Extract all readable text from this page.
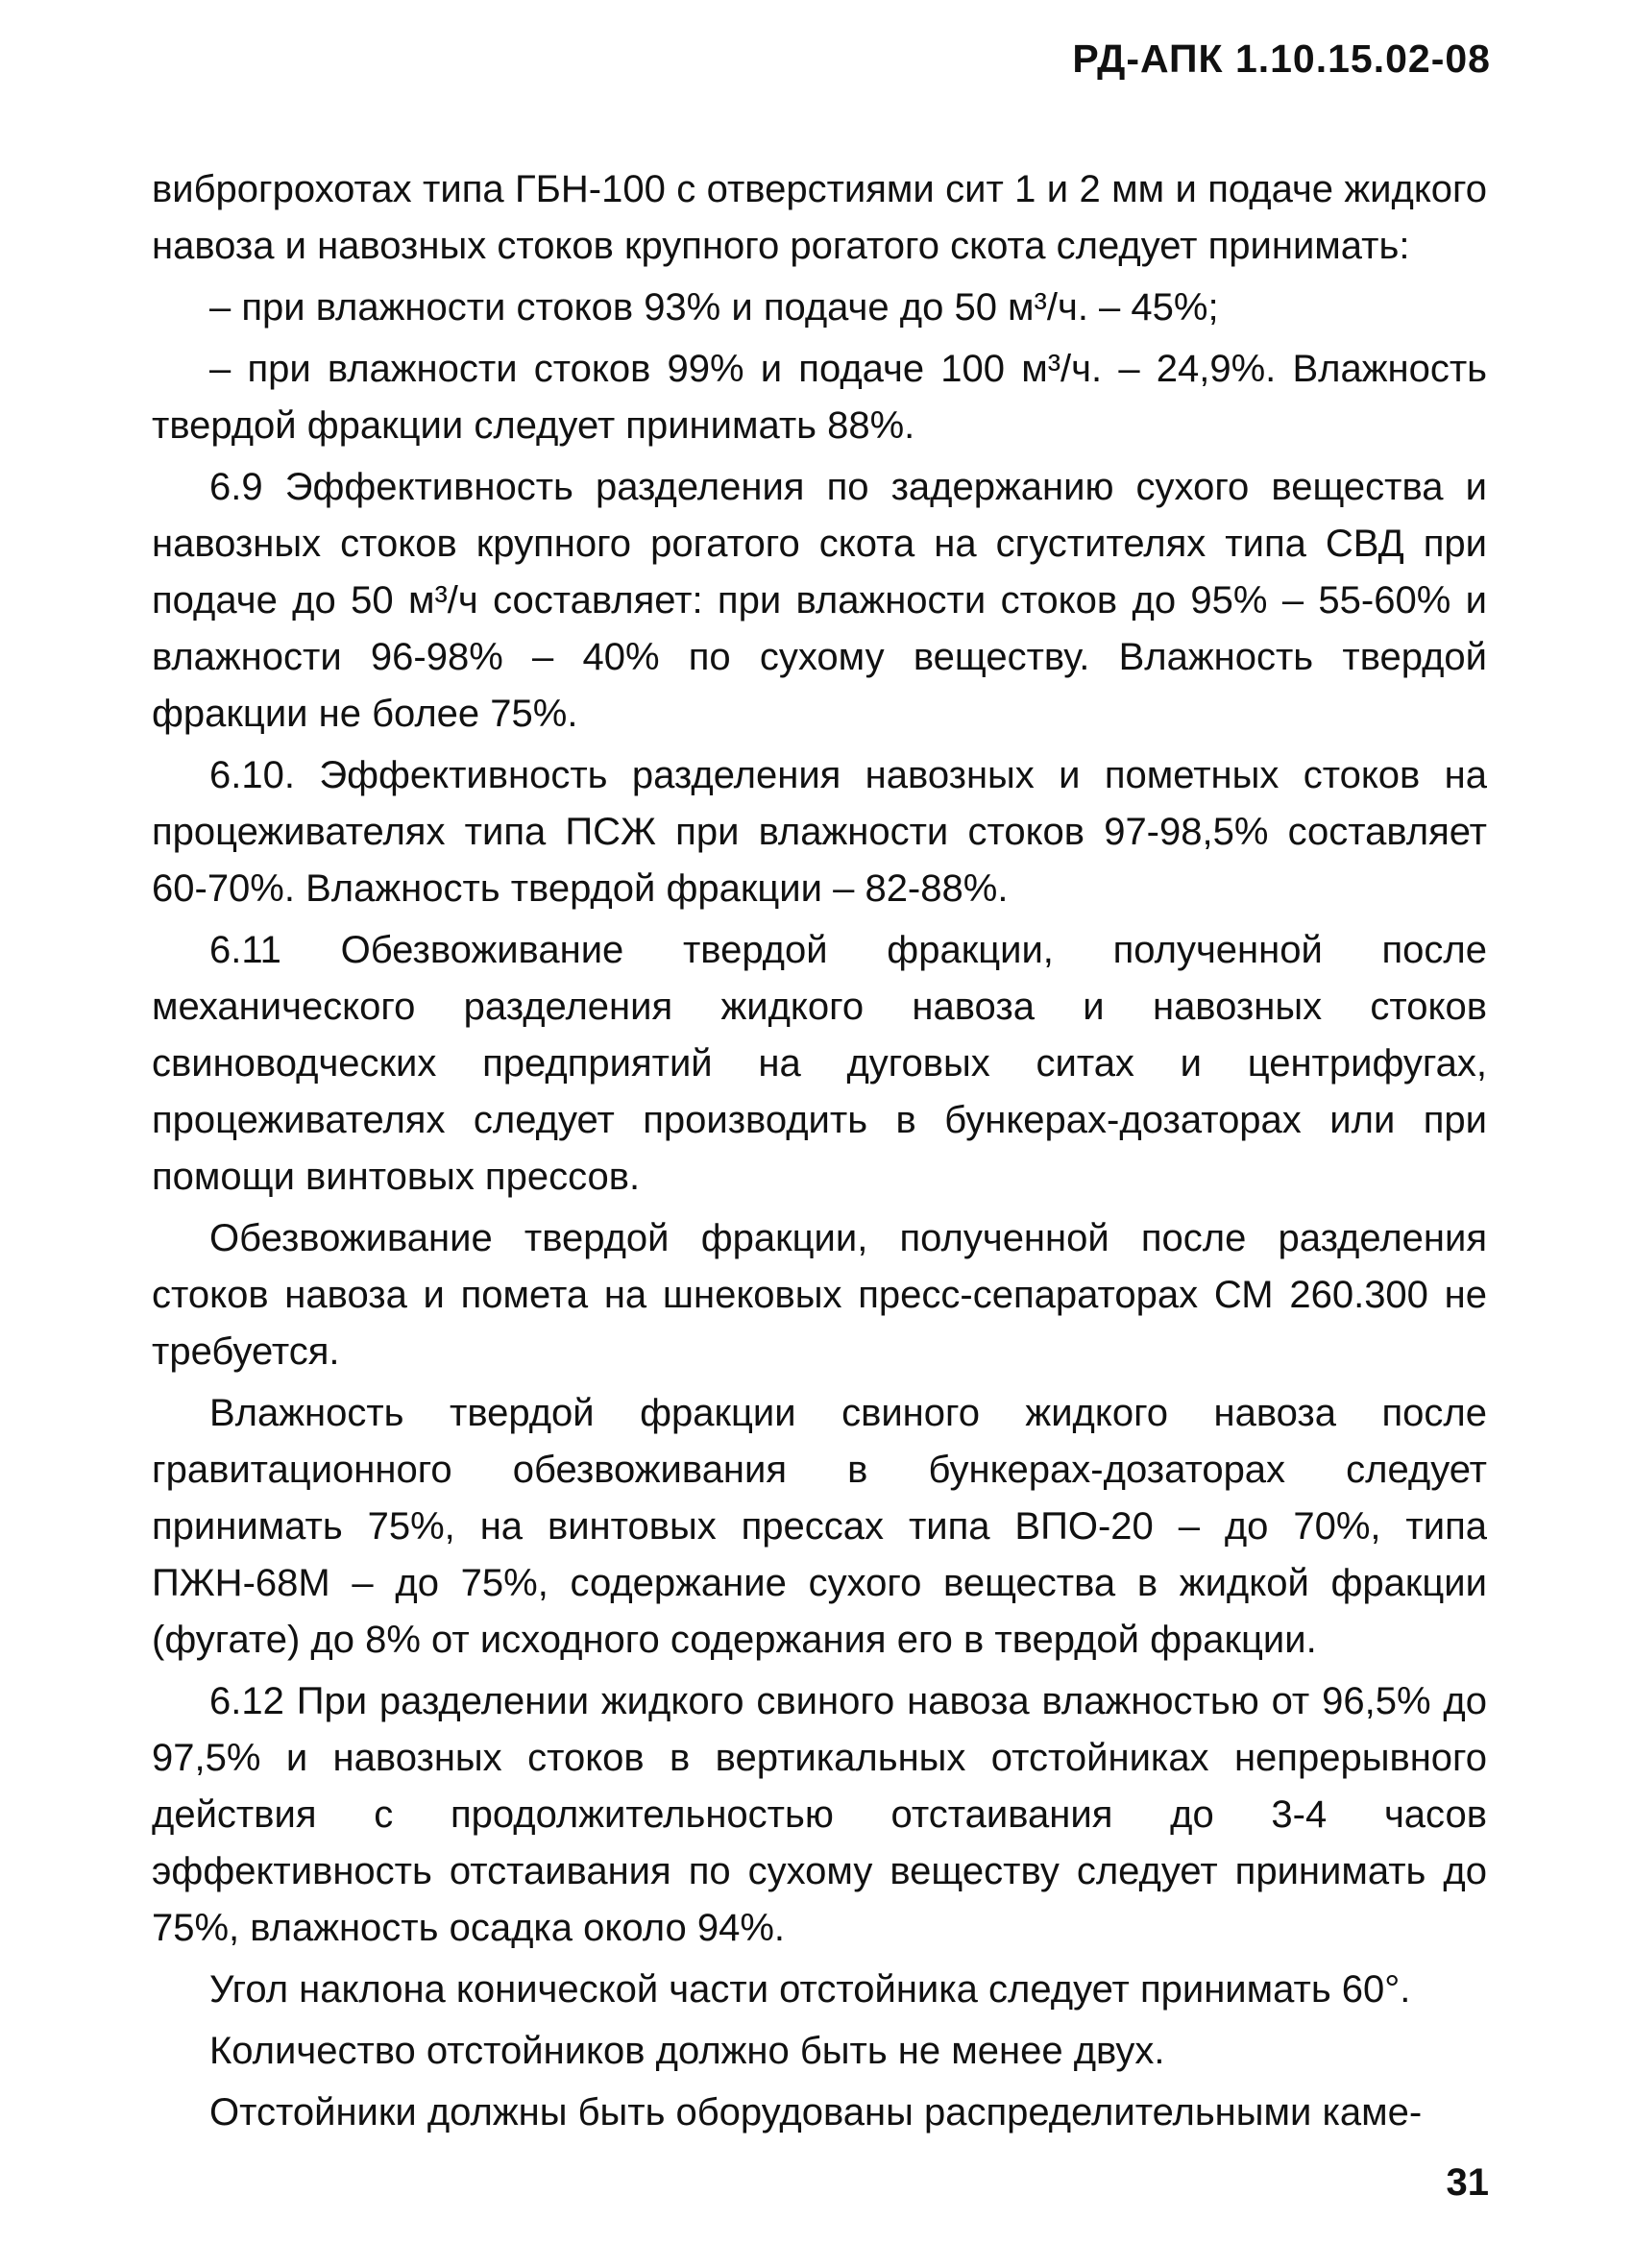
РД-АПК 1.10.15.02-08

виброгрохотах типа ГБН-100 с отверстиями сит 1 и 2 мм и подаче жидкого навоза и навозных стоков крупного рогатого скота следует принимать:

– при влажности стоков 93% и подаче до 50 м³/ч. – 45%;

– при влажности стоков 99% и подаче 100 м³/ч. – 24,9%. Влажность твердой фракции следует принимать 88%.

6.9 Эффективность разделения по задержанию сухого вещества и навозных стоков крупного рогатого скота на сгустителях типа СВД при подаче до 50 м³/ч составляет: при влажности стоков до 95% – 55-60% и влажности 96-98% – 40% по сухому веществу. Влажность твердой фракции не более 75%.

6.10. Эффективность разделения навозных и пометных стоков на процеживателях типа ПСЖ при влажности стоков 97-98,5% составляет 60-70%. Влажность твердой фракции – 82-88%.

6.11 Обезвоживание твердой фракции, полученной после механического разделения жидкого навоза и навозных стоков свиноводческих предприятий на дуговых ситах и центрифугах, процеживателях следует производить в бункерах-дозаторах или при помощи винтовых прессов.

Обезвоживание твердой фракции, полученной после разделения стоков навоза и помета на шнековых пресс-сепараторах СМ 260.300 не требуется.

Влажность твердой фракции свиного жидкого навоза после гравитационного обезвоживания в бункерах-дозаторах следует принимать 75%, на винтовых прессах типа ВПО-20 – до 70%, типа ПЖН-68М – до 75%, содержание сухого вещества в жидкой фракции (фугате) до 8% от исходного содержания его в твердой фракции.

6.12 При разделении жидкого свиного навоза влажностью от 96,5% до 97,5% и навозных стоков в вертикальных отстойниках непрерывного действия с продолжительностью отстаивания до 3-4 часов эффективность отстаивания по сухому веществу следует принимать до 75%, влажность осадка около 94%.

Угол наклона конической части отстойника следует принимать 60°.

Количество отстойников должно быть не менее двух.

Отстойники должны быть оборудованы распределительными каме-

31
